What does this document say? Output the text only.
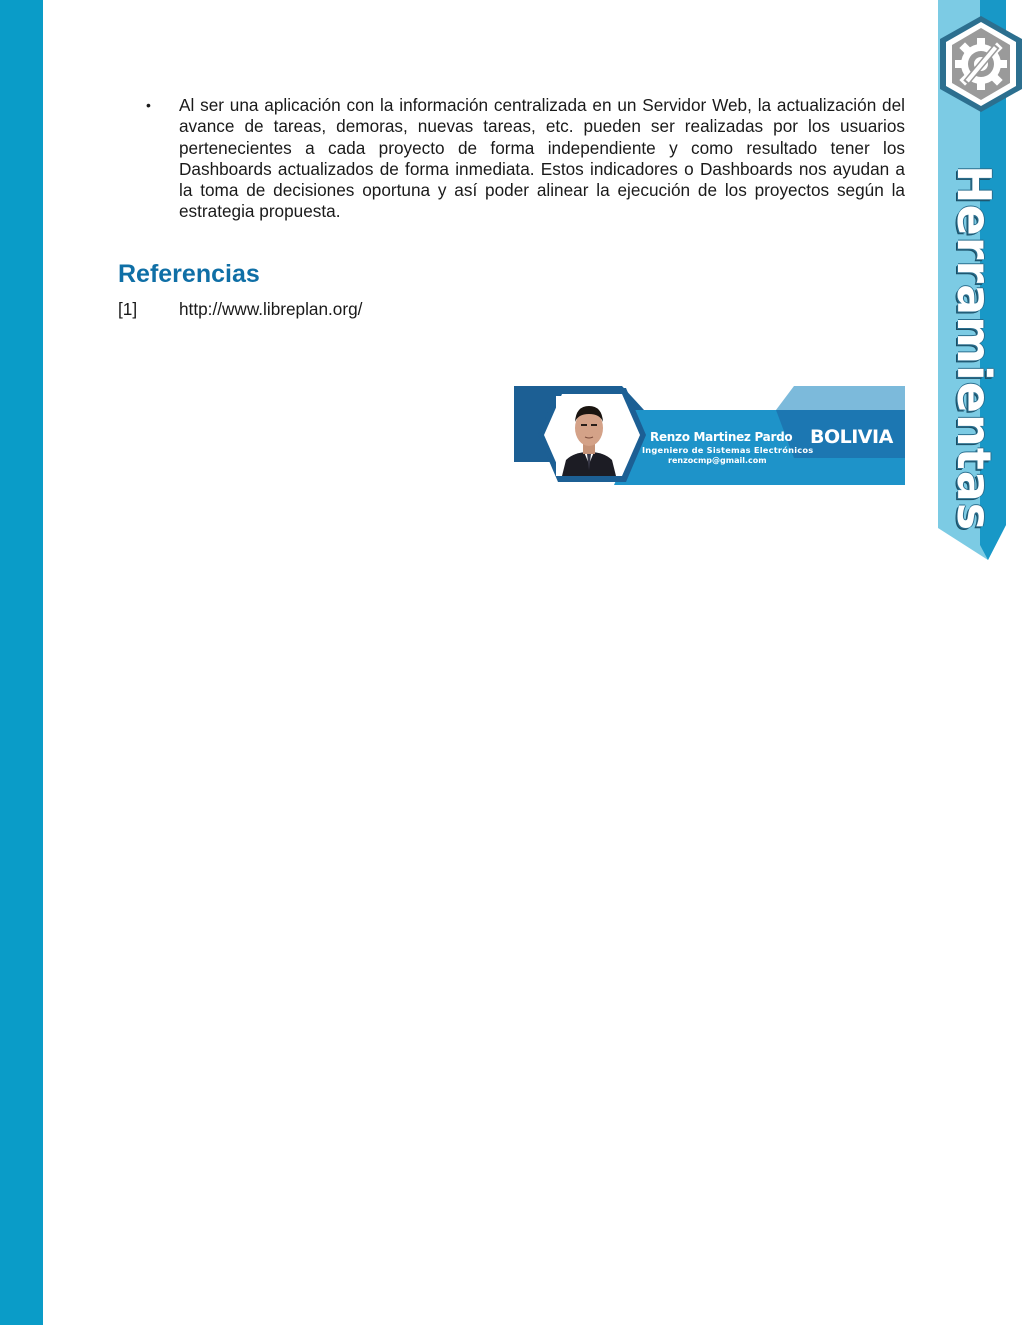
Herramientas
• Al ser una aplicación con la información centralizada en un Servidor Web, la actualización del avance de tareas, demoras, nuevas tareas, etc. pueden ser realizadas por los usuarios pertenecientes a cada proyecto de forma independiente y como resultado tener los Dashboards actualizados de forma inmediata. Estos indicadores o Dashboards nos ayudan a la toma de decisiones oportuna y así poder alinear la ejecución de los proyectos según la estrategia propuesta.

Referencias
[1]	http://www.libreplan.org/
Renzo Martinez Pardo
Ingeniero de Sistemas Electrónicos
renzocmp@gmail.com
BOLIVIA
